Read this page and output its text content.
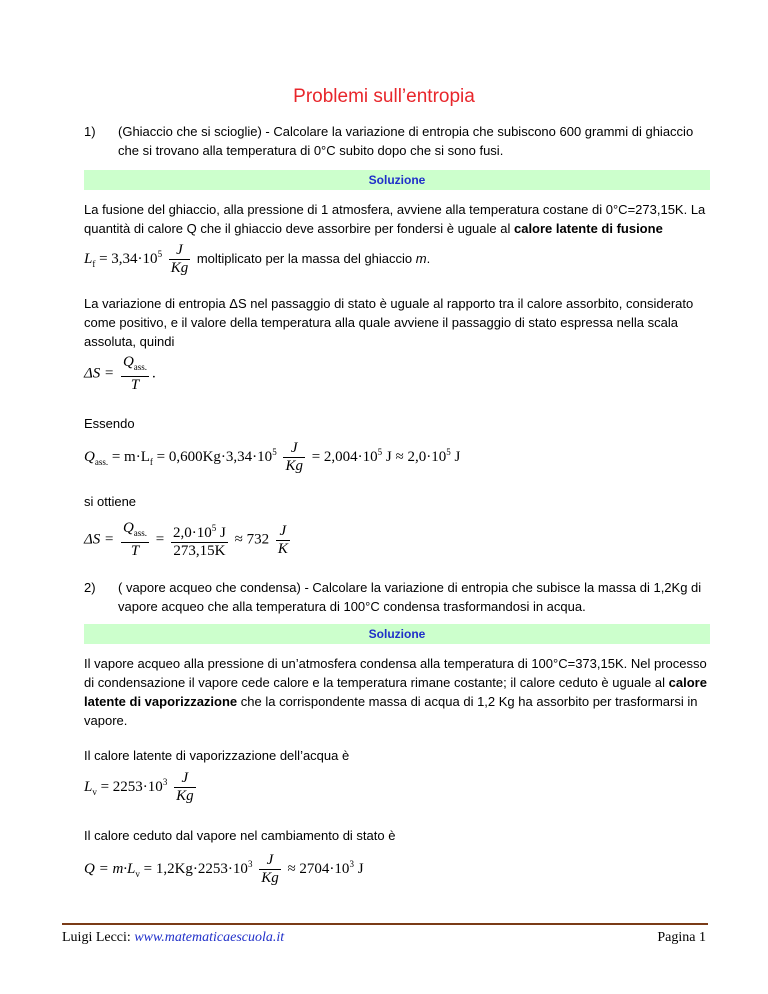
Problemi sull’entropia
1) (Ghiaccio che si scioglie) - Calcolare la variazione di entropia che subiscono 600 grammi di ghiaccio che si trovano alla temperatura di 0°C subito dopo che si sono fusi.
Soluzione
La fusione del ghiaccio, alla pressione di 1 atmosfera, avviene alla temperatura costane di 0°C=273,15K. La quantità di calore Q che il ghiaccio deve assorbire per fondersi è uguale al calore latente di fusione
$L_f = 3,34\cdot 10^5 \frac{J}{Kg}$ moltiplicato per la massa del ghiaccio m.
La variazione di entropia ΔS nel passaggio di stato è uguale al rapporto tra il calore assorbito, considerato come positivo, e il valore della temperatura alla quale avviene il passaggio di stato espressa nella scala assoluta, quindi
$\Delta S = \frac{Q_{ass.}}{T}$ .
Essendo
$Q_{ass.} = m\cdot L_f = 0,600Kg\cdot 3,34\cdot 10^5 \frac{J}{Kg} = 2,004\cdot 10^5$ $J \approx 2,0\cdot 10^5$ J
si ottiene
$\Delta S = \frac{Q_{ass.}}{T} = \frac{2,0\cdot 10^5 J}{273,15K} \approx 732 \frac{J}{K}$
2) ( vapore acqueo che condensa) - Calcolare la variazione di entropia che subisce la massa di 1,2Kg di vapore acqueo che alla temperatura di 100°C condensa trasformandosi in acqua.
Soluzione
Il vapore acqueo alla pressione di un’atmosfera condensa alla temperatura di 100°C=373,15K. Nel processo di condensazione il vapore cede calore e la temperatura rimane costante; il calore ceduto è uguale al calore latente di vaporizzazione che la corrispondente massa di acqua di 1,2 Kg ha assorbito per trasformarsi in vapore.
Il calore latente di vaporizzazione dell’acqua è
$L_v = 2253\cdot 10^3 \frac{J}{Kg}$
Il calore ceduto dal vapore nel cambiamento di stato è
$Q = m\cdot L_v = 1,2Kg\cdot 2253\cdot 10^3 \frac{J}{Kg} \approx 2704\cdot 10^3$ J
Luigi Lecci: www.matematicaescuola.it	Pagina 1
